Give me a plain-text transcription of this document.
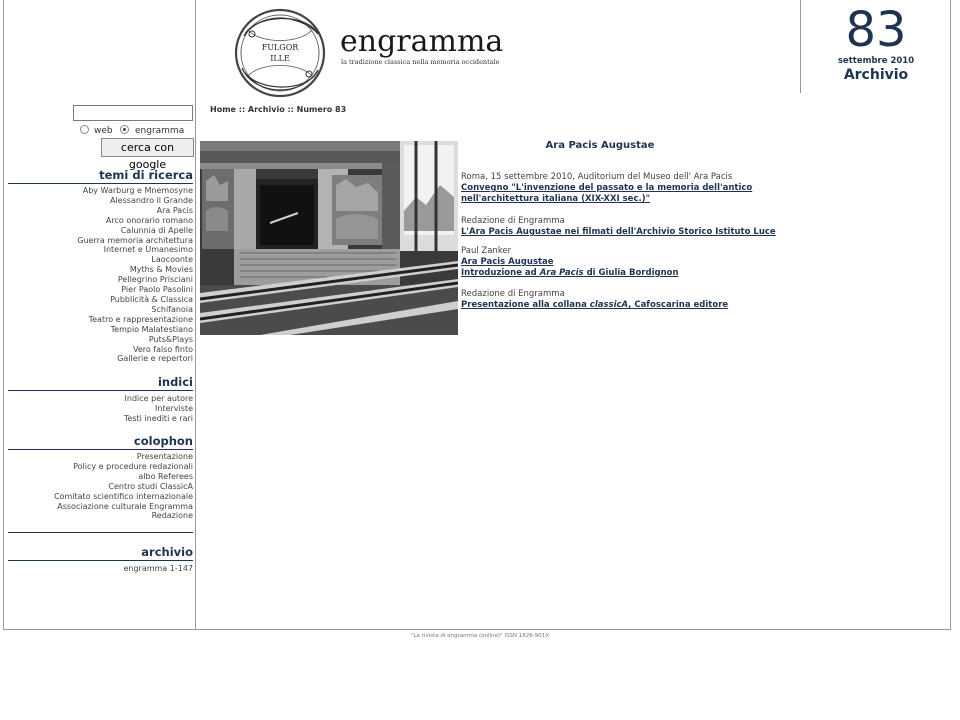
web engramma
cerca con google
temi di ricerca
Aby Warburg e Mnemosyne
Alessandro il Grande
Ara Pacis
Arco onorario romano
Calunnia di Apelle
Guerra memoria architettura
Internet e Umanesimo
Laocoonte
Myths & Movies
Pellegrino Prisciani
Pier Paolo Pasolini
Pubblicità & Classica
Schifanoia
Teatro e rappresentazione
Tempio Malatestiano
Puts&Plays
Vero falso finto
Gallerie e repertori
indici
Indice per autore
Interviste
Testi inediti e rari
colophon
Presentazione
Policy e procedure redazionali
albo Referees
Centro studi ClassicA
Comitato scientifico internazionale
Associazione culturale Engramma
Redazione
archivio
engramma 1-147
FULGOR
ILLE engramma
la tradizione classica nella memoria occidentale
83
settembre 2010
Archivio
Home :: Archivio :: Numero 83
Ara Pacis Augustae
Roma, 15 settembre 2010, Auditorium del Museo dell' Ara Pacis
Convegno "L'invenzione del passato e la memoria dell'antico
nell'architettura italiana (XIX-XXI sec.)"
Redazione di Engramma
L'Ara Pacis Augustae nei filmati dell'Archivio Storico Istituto Luce
Paul Zanker
Ara Pacis Augustae
Introduzione ad Ara Pacis di Giulia Bordignon
Redazione di Engramma
Presentazione alla collana classicA, Cafoscarina editore
"La rivista di engramma (online)" ISSN 1826-901X
